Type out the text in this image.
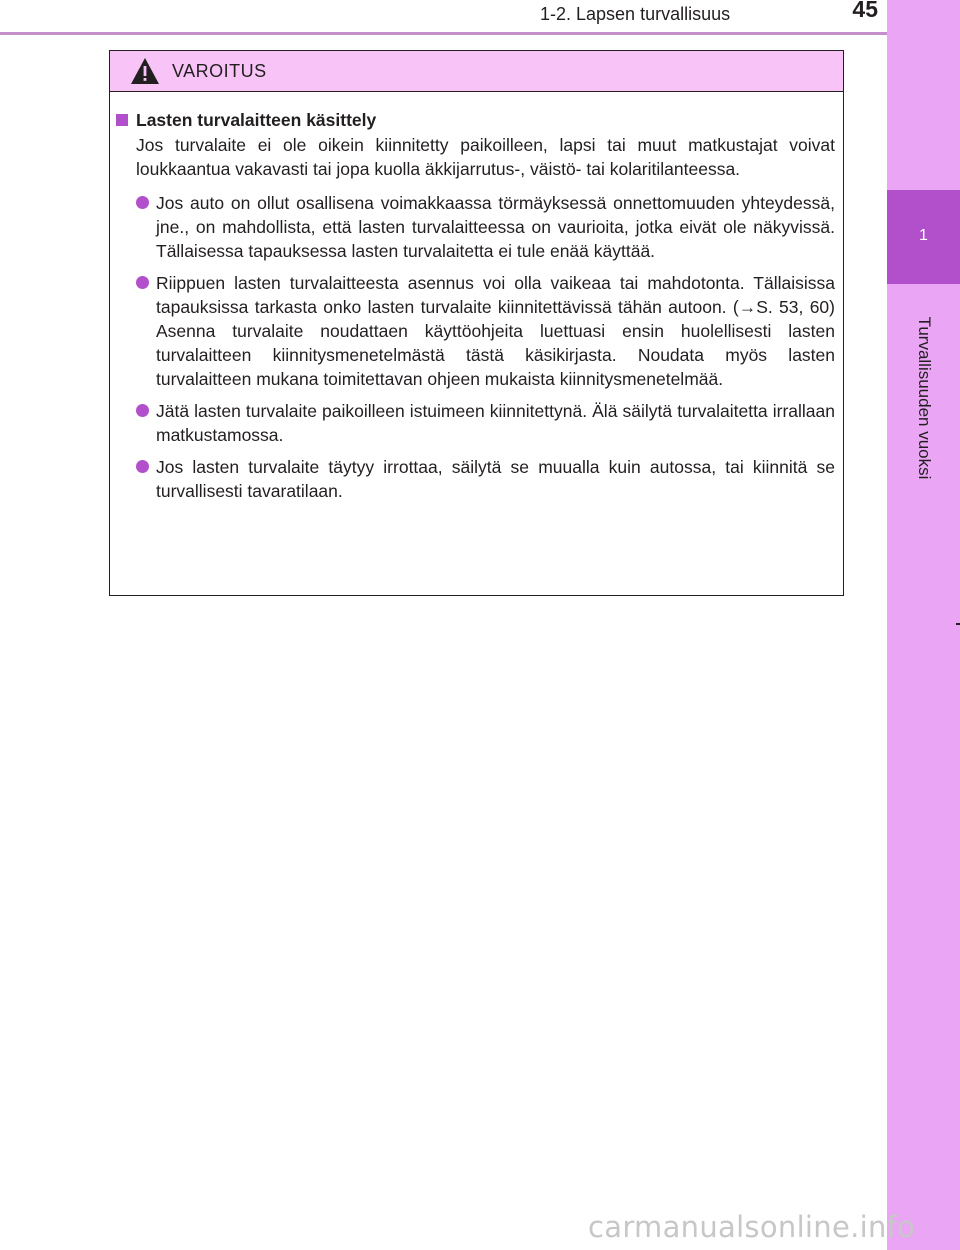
1-2. Lapsen turvallisuus	45
1
Turvallisuuden vuoksi
VAROITUS
Lasten turvalaitteen käsittely
Jos turvalaite ei ole oikein kiinnitetty paikoilleen, lapsi tai muut matkustajat voivat loukkaantua vakavasti tai jopa kuolla äkkijarrutus-, väistö- tai kolaritilanteessa.
Jos auto on ollut osallisena voimakkaassa törmäyksessä onnettomuuden yhteydessä, jne., on mahdollista, että lasten turvalaitteessa on vaurioita, jotka eivät ole näkyvissä. Tällaisessa tapauksessa lasten turvalaitetta ei tule enää käyttää.
Riippuen lasten turvalaitteesta asennus voi olla vaikeaa tai mahdotonta. Tällaisissa tapauksissa tarkasta onko lasten turvalaite kiinnitettävissä tähän autoon. (→S. 53, 60) Asenna turvalaite noudattaen käyttöohjeita luettuasi ensin huolellisesti lasten turvalaitteen kiinnitysmenetelmästä tästä käsikirjasta. Noudata myös lasten turvalaitteen mukana toimitettavan ohjeen mukaista kiinnitysmenetelmää.
Jätä lasten turvalaite paikoilleen istuimeen kiinnitettynä. Älä säilytä turvalaitetta irrallaan matkustamossa.
Jos lasten turvalaite täytyy irrottaa, säilytä se muualla kuin autossa, tai kiinnitä se turvallisesti tavaratilaan.
carmanualsonline.info
